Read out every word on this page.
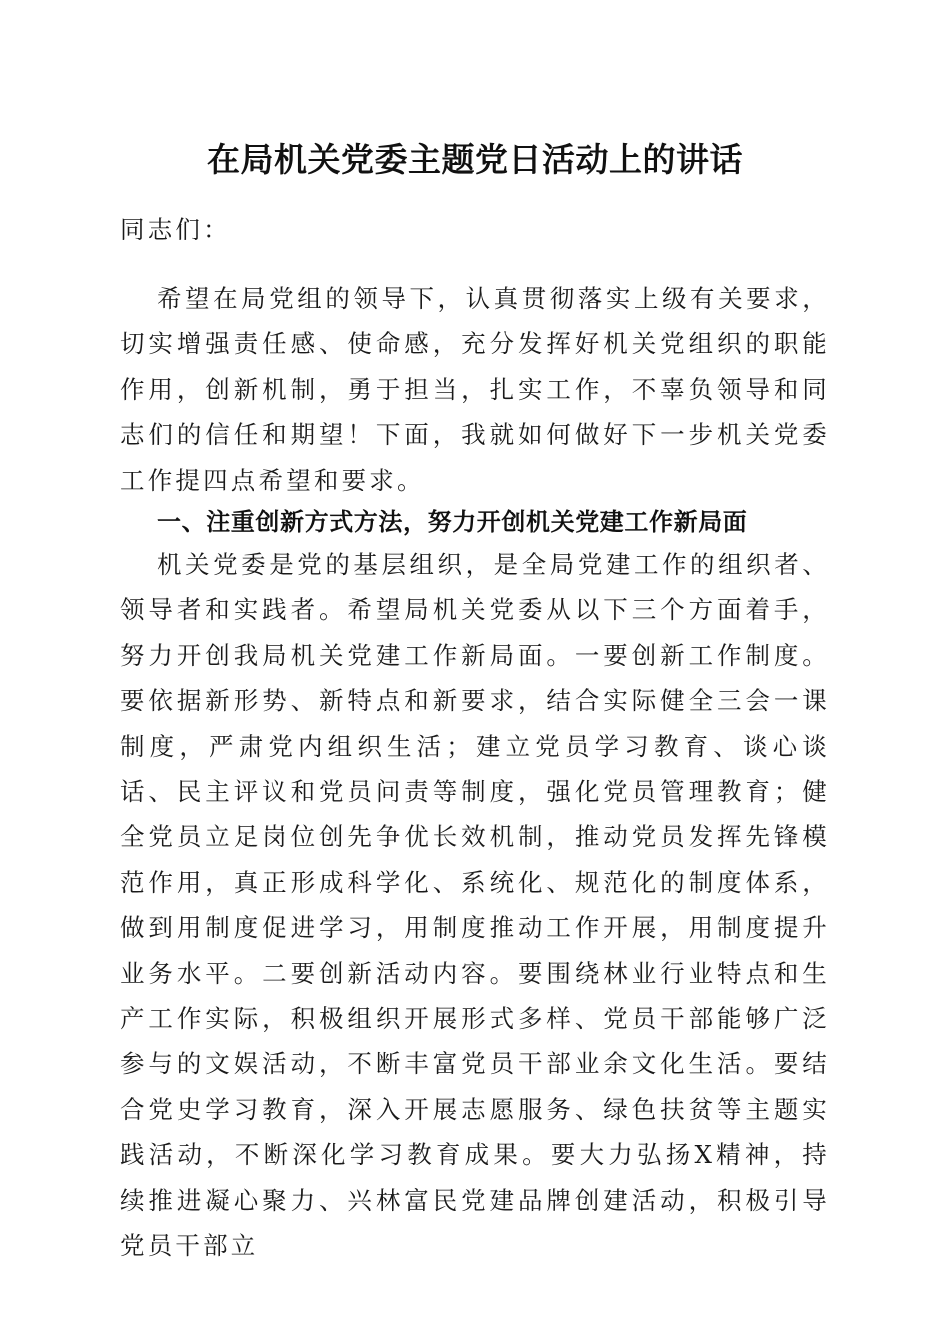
在局机关党委主题党日活动上的讲话
同志们：
希望在局党组的领导下，认真贯彻落实上级有关要求，切实增强责任感、使命感，充分发挥好机关党组织的职能作用，创新机制，勇于担当，扎实工作，不辜负领导和同志们的信任和期望！下面，我就如何做好下一步机关党委工作提四点希望和要求。
一、注重创新方式方法，努力开创机关党建工作新局面
机关党委是党的基层组织，是全局党建工作的组织者、领导者和实践者。希望局机关党委从以下三个方面着手，努力开创我局机关党建工作新局面。一要创新工作制度。要依据新形势、新特点和新要求，结合实际健全三会一课制度，严肃党内组织生活；建立党员学习教育、谈心谈话、民主评议和党员问责等制度，强化党员管理教育；健全党员立足岗位创先争优长效机制，推动党员发挥先锋模范作用，真正形成科学化、系统化、规范化的制度体系，做到用制度促进学习，用制度推动工作开展，用制度提升业务水平。二要创新活动内容。要围绕林业行业特点和生产工作实际，积极组织开展形式多样、党员干部能够广泛参与的文娱活动，不断丰富党员干部业余文化生活。要结合党史学习教育，深入开展志愿服务、绿色扶贫等主题实践活动，不断深化学习教育成果。要大力弘扬X精神，持续推进凝心聚力、兴林富民党建品牌创建活动，积极引导党员干部立
